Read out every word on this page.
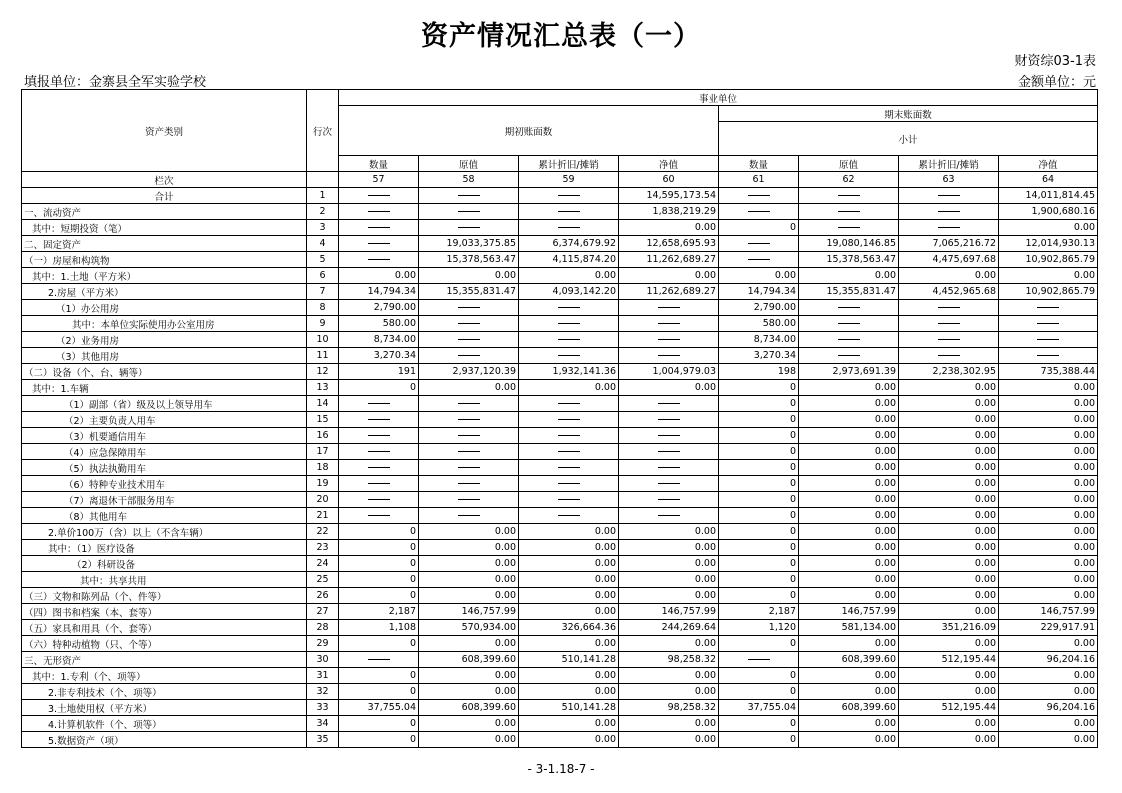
资产情况汇总表（一）
财资综03-1表
填报单位：金寨县全军实验学校	金额单位：元
资产类别	行次	事业单位							
		期初账面数				期末账面数			
						小计			
		数量	原值	累计折旧/摊销	净值	数量	原值	累计折旧/摊销	净值
栏次		57	58	59	60	61	62	63	64
合计	1				14,595,173.54				14,011,814.45
一、流动资产	2				1,838,219.29				1,900,680.16
其中：短期投资（笔）	3				0.00	0			0.00
二、固定资产	4		19,033,375.85	6,374,679.92	12,658,695.93		19,080,146.85	7,065,216.72	12,014,930.13
（一）房屋和构筑物	5		15,378,563.47	4,115,874.20	11,262,689.27		15,378,563.47	4,475,697.68	10,902,865.79
其中：1.土地（平方米）	6	0.00	0.00	0.00	0.00	0.00	0.00	0.00	0.00
2.房屋（平方米）	7	14,794.34	15,355,831.47	4,093,142.20	11,262,689.27	14,794.34	15,355,831.47	4,452,965.68	10,902,865.79
（1）办公用房	8	2,790.00				2,790.00			
其中：本单位实际使用办公室用房	9	580.00				580.00			
（2）业务用房	10	8,734.00				8,734.00			
（3）其他用房	11	3,270.34				3,270.34			
（二）设备（个、台、辆等）	12	191	2,937,120.39	1,932,141.36	1,004,979.03	198	2,973,691.39	2,238,302.95	735,388.44
其中：1.车辆	13	0	0.00	0.00	0.00	0	0.00	0.00	0.00
（1）副部（省）级及以上领导用车	14					0	0.00	0.00	0.00
（2）主要负责人用车	15					0	0.00	0.00	0.00
（3）机要通信用车	16					0	0.00	0.00	0.00
（4）应急保障用车	17					0	0.00	0.00	0.00
（5）执法执勤用车	18					0	0.00	0.00	0.00
（6）特种专业技术用车	19					0	0.00	0.00	0.00
（7）离退休干部服务用车	20					0	0.00	0.00	0.00
（8）其他用车	21					0	0.00	0.00	0.00
2.单价100万（含）以上（不含车辆）	22	0	0.00	0.00	0.00	0	0.00	0.00	0.00
其中：（1）医疗设备	23	0	0.00	0.00	0.00	0	0.00	0.00	0.00
（2）科研设备	24	0	0.00	0.00	0.00	0	0.00	0.00	0.00
其中：共享共用	25	0	0.00	0.00	0.00	0	0.00	0.00	0.00
（三）文物和陈列品（个、件等）	26	0	0.00	0.00	0.00	0	0.00	0.00	0.00
（四）图书和档案（本、套等）	27	2,187	146,757.99	0.00	146,757.99	2,187	146,757.99	0.00	146,757.99
（五）家具和用具（个、套等）	28	1,108	570,934.00	326,664.36	244,269.64	1,120	581,134.00	351,216.09	229,917.91
（六）特种动植物（只、个等）	29	0	0.00	0.00	0.00	0	0.00	0.00	0.00
三、无形资产	30		608,399.60	510,141.28	98,258.32		608,399.60	512,195.44	96,204.16
其中：1.专利（个、项等）	31	0	0.00	0.00	0.00	0	0.00	0.00	0.00
2.非专利技术（个、项等）	32	0	0.00	0.00	0.00	0	0.00	0.00	0.00
3.土地使用权（平方米）	33	37,755.04	608,399.60	510,141.28	98,258.32	37,755.04	608,399.60	512,195.44	96,204.16
4.计算机软件（个、项等）	34	0	0.00	0.00	0.00	0	0.00	0.00	0.00
5.数据资产（项）	35	0	0.00	0.00	0.00	0	0.00	0.00	0.00
- 3-1.18-7 -
